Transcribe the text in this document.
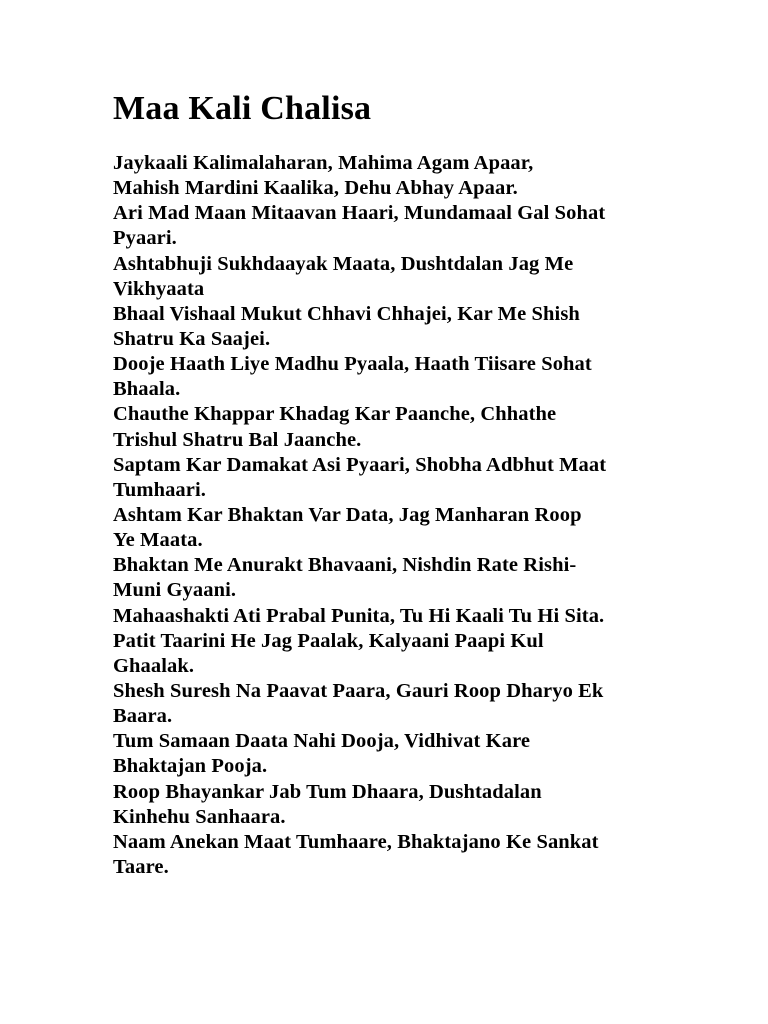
Maa Kali Chalisa
Jaykaali Kalimalaharan, Mahima Agam Apaar,
Mahish Mardini Kaalika, Dehu Abhay Apaar.
Ari Mad Maan Mitaavan Haari, Mundamaal Gal Sohat
Pyaari.
Ashtabhuji Sukhdaayak Maata, Dushtdalan Jag Me
Vikhyaata
Bhaal Vishaal Mukut Chhavi Chhajei, Kar Me Shish
Shatru Ka Saajei.
Dooje Haath Liye Madhu Pyaala, Haath Tiisare Sohat
Bhaala.
Chauthe Khappar Khadag Kar Paanche, Chhathe
Trishul Shatru Bal Jaanche.
Saptam Kar Damakat Asi Pyaari, Shobha Adbhut Maat
Tumhaari.
Ashtam Kar Bhaktan Var Data, Jag Manharan Roop
Ye Maata.
Bhaktan Me Anurakt Bhavaani, Nishdin Rate Rishi-
Muni Gyaani.
Mahaashakti Ati Prabal Punita, Tu Hi Kaali Tu Hi Sita.
Patit Taarini He Jag Paalak, Kalyaani Paapi Kul
Ghaalak.
Shesh Suresh Na Paavat Paara, Gauri Roop Dharyo Ek
Baara.
Tum Samaan Daata Nahi Dooja, Vidhivat Kare
Bhaktajan Pooja.
Roop Bhayankar Jab Tum Dhaara, Dushtadalan
Kinhehu Sanhaara.
Naam Anekan Maat Tumhaare, Bhaktajano Ke Sankat
Taare.
